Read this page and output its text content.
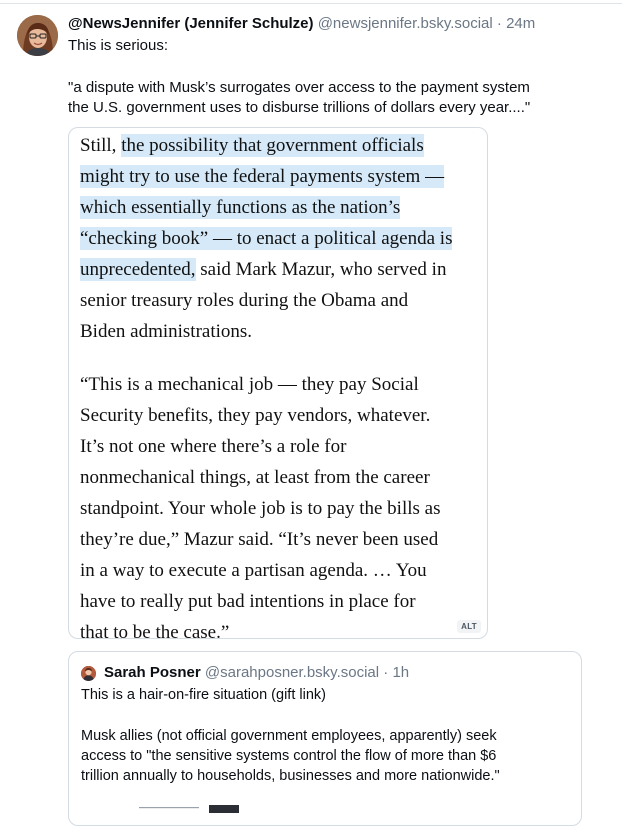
@NewsJennifer (Jennifer Schulze) @newsjennifer.bsky.social · 24m
This is serious:
"a dispute with Musk’s surrogates over access to the payment system
the U.S. government uses to disburse trillions of dollars every year...."
Still, the possibility that government officials
might try to use the federal payments system —
which essentially functions as the nation’s
“checking book” — to enact a political agenda is
unprecedented, said Mark Mazur, who served in
senior treasury roles during the Obama and
Biden administrations.
“This is a mechanical job — they pay Social
Security benefits, they pay vendors, whatever.
It’s not one where there’s a role for
nonmechanical things, at least from the career
standpoint. Your whole job is to pay the bills as
they’re due,” Mazur said. “It’s never been used
in a way to execute a partisan agenda. … You
have to really put bad intentions in place for
that to be the case.”	ALT
Sarah Posner @sarahposner.bsky.social · 1h
This is a hair-on-fire situation (gift link)
Musk allies (not official government employees, apparently) seek
access to "the sensitive systems control the flow of more than $6
trillion annually to households, businesses and more nationwide."
